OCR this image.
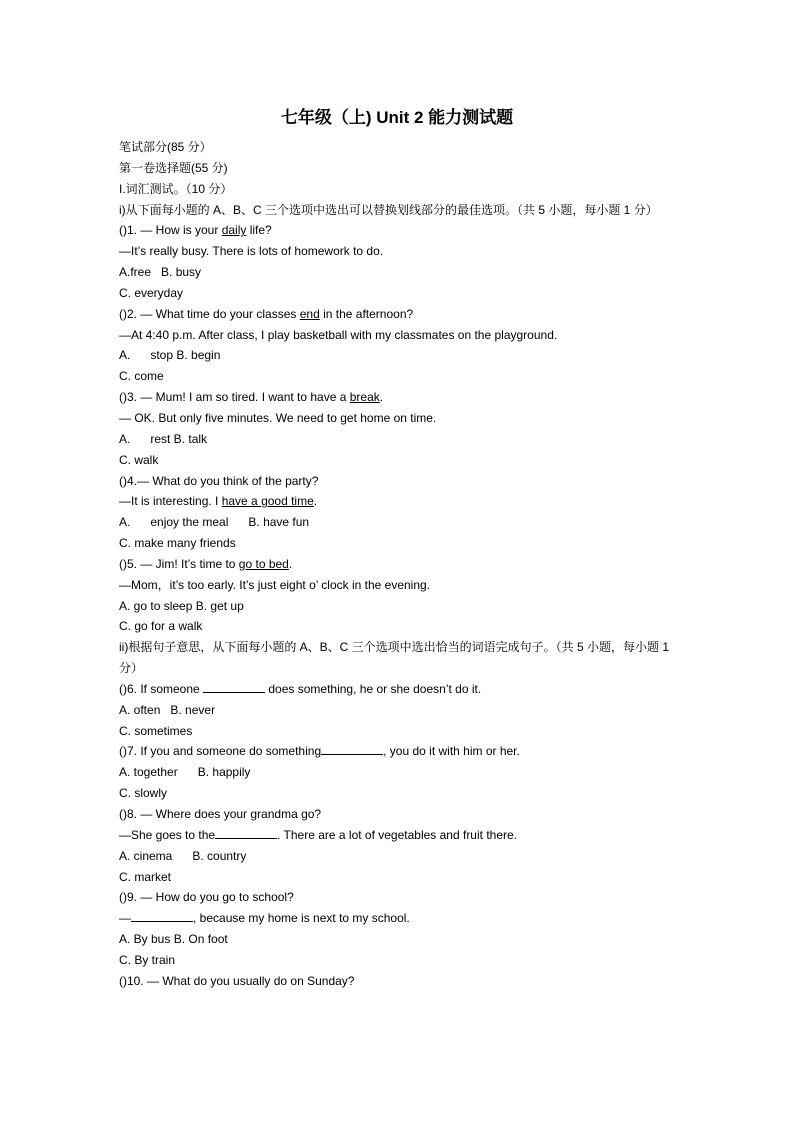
七年级（上) Unit 2 能力测试题
笔试部分(85 分）
第一卷选择题(55 分)
I.词汇测试。（10 分）
i)从下面每小题的 A、B、C 三个选项中选出可以替换划线部分的最佳选项。（共 5 小题，每小题 1 分）
()1. — How is your daily life?
—It’s really busy. There is lots of homework to do.
A.free B. busy
C. everyday
()2. — What time do your classes end in the afternoon?
—At 4:40 p.m. After class, I play basketball with my classmates on the playground.
A. stop B. begin
C. come
()3. — Mum! I am so tired. I want to have a break.
— OK. But only five minutes. We need to get home on time.
A. rest B. talk
C. walk
()4.— What do you think of the party?
—It is interesting. I have a good time.
A. enjoy the meal B. have fun
C. make many friends
()5. — Jim! It’s time to go to bed.
—Mom，it’s too early. It’s just eight o’ clock in the evening.
A. go to sleep B. get up
C. go for a walk
ii)根据句子意思，从下面每小题的 A、B、C 三个选项中选出恰当的词语完成句子。（共 5 小题，每小题 1 分）
()6. If someone	does something, he or she doesn’t do it.
A. often B. never
C. sometimes
()7. If you and someone do something	, you do it with him or her.
A. together B. happily
C. slowly
()8. — Where does your grandma go?
—She goes to the	. There are a lot of vegetables and fruit there.
A. cinema B. country
C. market
()9. — How do you go to school?
—	, because my home is next to my school.
A. By bus B. On foot
C. By train
()10. — What do you usually do on Sunday?
